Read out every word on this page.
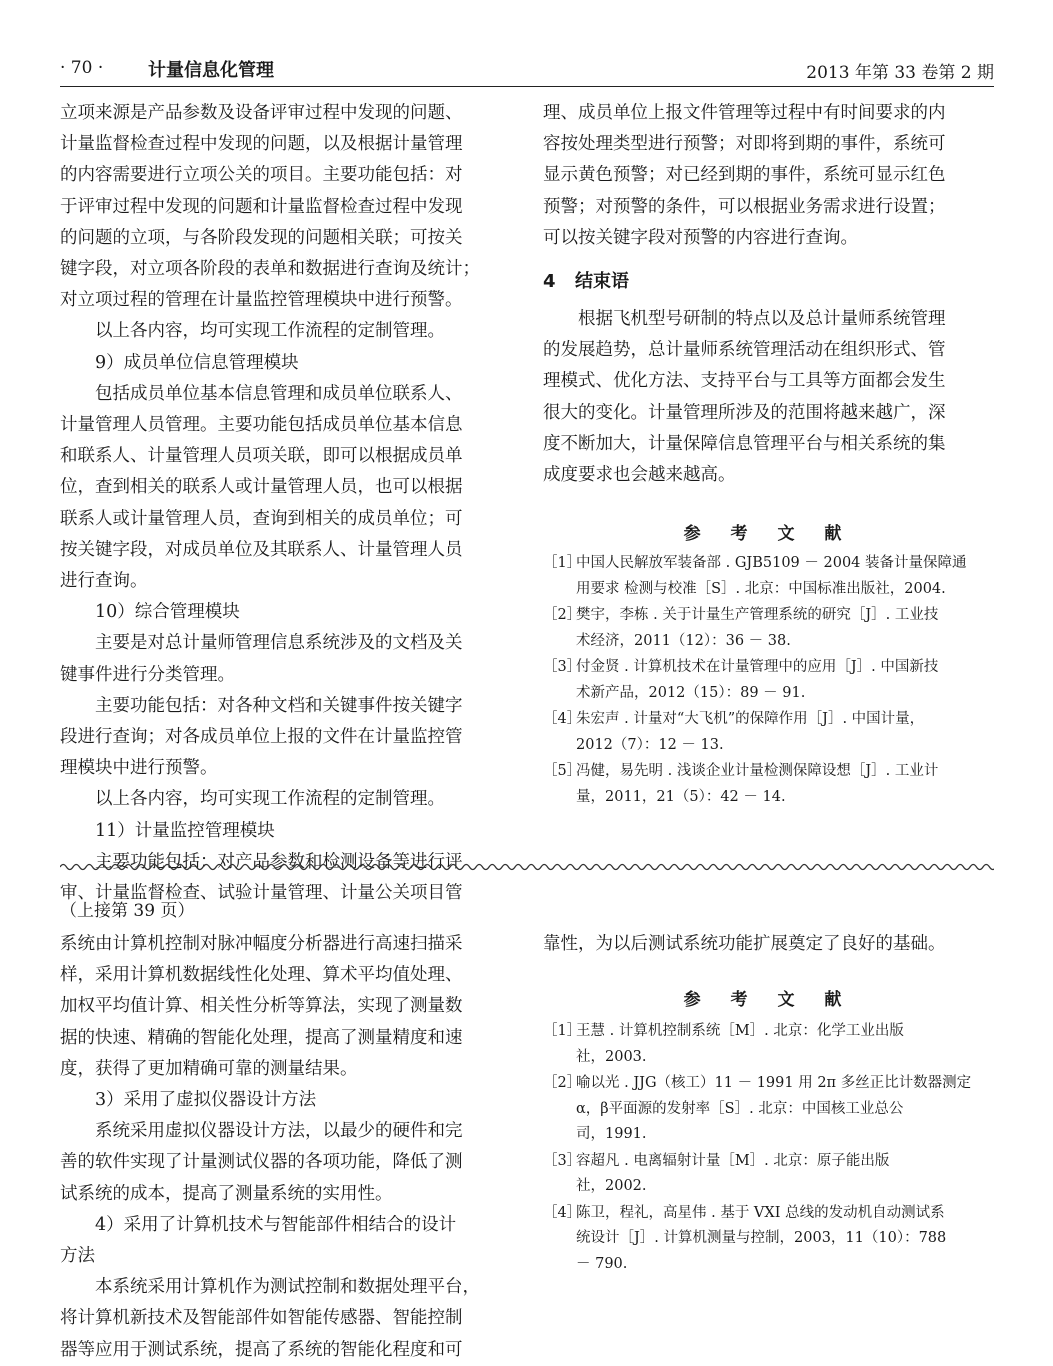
· 70 · 计量信息化管理	2013 年第 33 卷第 2 期

立项来源是产品参数及设备评审过程中发现的问题、

计量监督检查过程中发现的问题，以及根据计量管理

的内容需要进行立项公关的项目。主要功能包括：对

于评审过程中发现的问题和计量监督检查过程中发现

的问题的立项，与各阶段发现的问题相关联；可按关

键字段，对立项各阶段的表单和数据进行查询及统计；

对立项过程的管理在计量监控管理模块中进行预警。

以上各内容，均可实现工作流程的定制管理。

9）成员单位信息管理模块

包括成员单位基本信息管理和成员单位联系人、

计量管理人员管理。主要功能包括成员单位基本信息

和联系人、计量管理人员项关联，即可以根据成员单

位，查到相关的联系人或计量管理人员，也可以根据

联系人或计量管理人员，查询到相关的成员单位；可

按关键字段，对成员单位及其联系人、计量管理人员

进行查询。

10）综合管理模块

主要是对总计量师管理信息系统涉及的文档及关

键事件进行分类管理。

主要功能包括：对各种文档和关键事件按关键字

段进行查询；对各成员单位上报的文件在计量监控管

理模块中进行预警。

以上各内容，均可实现工作流程的定制管理。

11）计量监控管理模块

主要功能包括：对产品参数和检测设备等进行评

审、计量监督检查、试验计量管理、计量公关项目管

理、成员单位上报文件管理等过程中有时间要求的内

容按处理类型进行预警；对即将到期的事件，系统可

显示黄色预警；对已经到期的事件，系统可显示红色

预警；对预警的条件，可以根据业务需求进行设置；

可以按关键字段对预警的内容进行查询。

4 结束语

根据飞机型号研制的特点以及总计量师系统管理

的发展趋势，总计量师系统管理活动在组织形式、管

理模式、优化方法、支持平台与工具等方面都会发生

很大的变化。计量管理所涉及的范围将越来越广，深

度不断加大，计量保障信息管理平台与相关系统的集

成度要求也会越来越高。

参 考 文 献
［1］
中国人民解放军装备部 . GJB5109 － 2004 装备计量保障通
用要求 检测与校准［S］. 北京：中国标准出版社，2004.
［2］
樊宇，李栋 . 关于计量生产管理系统的研究［J］. 工业技
术经济，2011（12）：36 － 38.
［3］
付金贤 . 计算机技术在计量管理中的应用［J］. 中国新技
术新产品，2012（15）：89 － 91.
［4］
朱宏声 . 计量对“大飞机”的保障作用［J］. 中国计量，
2012（7）：12 － 13.
［5］
冯健，易先明 . 浅谈企业计量检测保障设想［J］. 工业计
量，2011，21（5）：42 － 14.
（上接第 39 页）

系统由计算机控制对脉冲幅度分析器进行高速扫描采

样，采用计算机数据线性化处理、算术平均值处理、

加权平均值计算、相关性分析等算法，实现了测量数

据的快速、精确的智能化处理，提高了测量精度和速

度，获得了更加精确可靠的测量结果。

3）采用了虚拟仪器设计方法

系统采用虚拟仪器设计方法，以最少的硬件和完

善的软件实现了计量测试仪器的各项功能，降低了测

试系统的成本，提高了测量系统的实用性。

4）采用了计算机技术与智能部件相结合的设计

方法

本系统采用计算机作为测试控制和数据处理平台，

将计算机新技术及智能部件如智能传感器、智能控制

器等应用于测试系统，提高了系统的智能化程度和可

靠性，为以后测试系统功能扩展奠定了良好的基础。

参 考 文 献
［1］
王慧 . 计算机控制系统［M］. 北京：化学工业出版
社，2003.
［2］
喻以光 . JJG（核工）11 － 1991 用 2π 多丝正比计数器测定
α，β平面源的发射率［S］. 北京：中国核工业总公
司，1991.
［3］
容超凡 . 电离辐射计量［M］. 北京：原子能出版
社，2002.
［4］
陈卫，程礼，高星伟 . 基于 VXI 总线的发动机自动测试系
统设计［J］. 计算机测量与控制，2003，11（10）：788
－ 790.
